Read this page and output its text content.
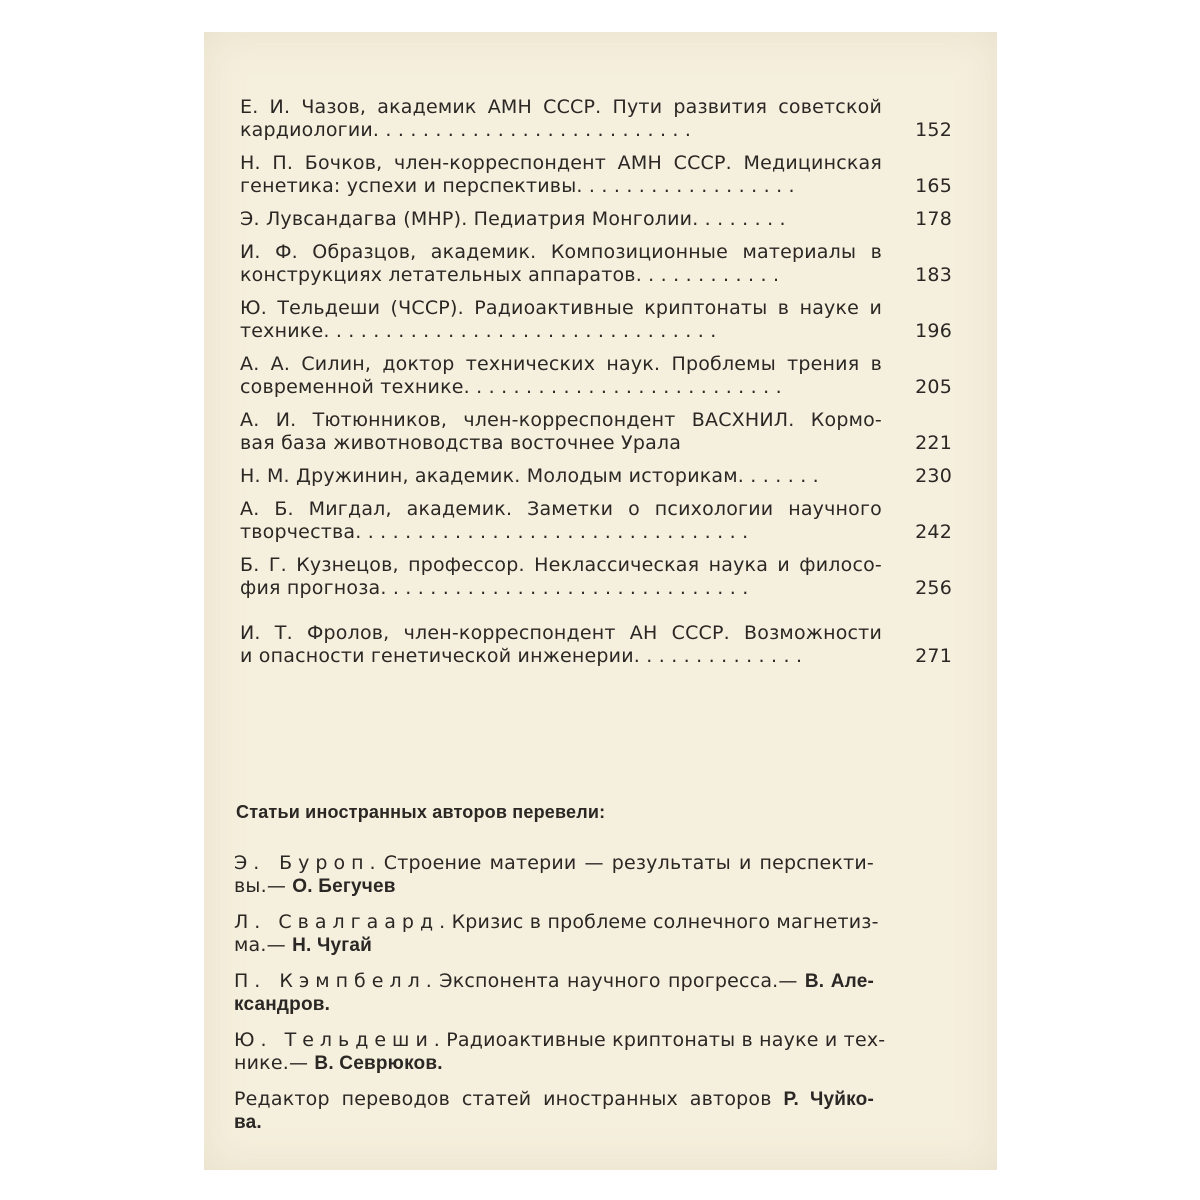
Е. И. Чазов, академик АМН СССР. Пути развития советской
кардиологии. . . . . . . . . . . . . . . . . . . . . . . . . .	152
Н. П. Бочков, член-корреспондент АМН СССР. Медицинская
генетика: успехи и перспективы. . . . . . . . . . . . . . . . . .	165
Э. Лувсандагва (МНР). Педиатрия Монголии. . . . . . . .	178
И. Ф. Образцов, академик. Композиционные материалы в
конструкциях летательных аппаратов. . . . . . . . . . . .	183
Ю. Тельдеши (ЧССР). Радиоактивные криптонаты в науке и
технике. . . . . . . . . . . . . . . . . . . . . . . . . . . . . . . .	196
А. А. Силин, доктор технических наук. Проблемы трения в
современной технике. . . . . . . . . . . . . . . . . . . . . . . . . .	205
А. И. Тютюнников, член-корреспондент ВАСХНИЛ. Кормо-
вая база животноводства восточнее Урала	221
Н. М. Дружинин, академик. Молодым историкам. . . . . . .	230
А. Б. Мигдал, академик. Заметки о психологии научного
творчества. . . . . . . . . . . . . . . . . . . . . . . . . . . . . . . .	242
Б. Г. Кузнецов, профессор. Неклассическая наука и филосо-
фия прогноза. . . . . . . . . . . . . . . . . . . . . . . . . . . . . .	256
И. Т. Фролов, член-корреспондент АН СССР. Возможности
и опасности генетической инженерии. . . . . . . . . . . . . .	271
Статьи иностранных авторов перевели:
Э. Буроп. Строение материи — результаты и перспекти-
вы.— О. Бегучев
Л. Свалгаард. Кризис в проблеме солнечного магнетиз-
ма.— Н. Чугай
П. Кэмпбелл. Экспонента научного прогресса.— В. Але-
ксандров.
Ю. Тельдеши. Радиоактивные криптонаты в науке и тех-
нике.— В. Севрюков.
Редактор переводов статей иностранных авторов Р. Чуйко-
ва.
